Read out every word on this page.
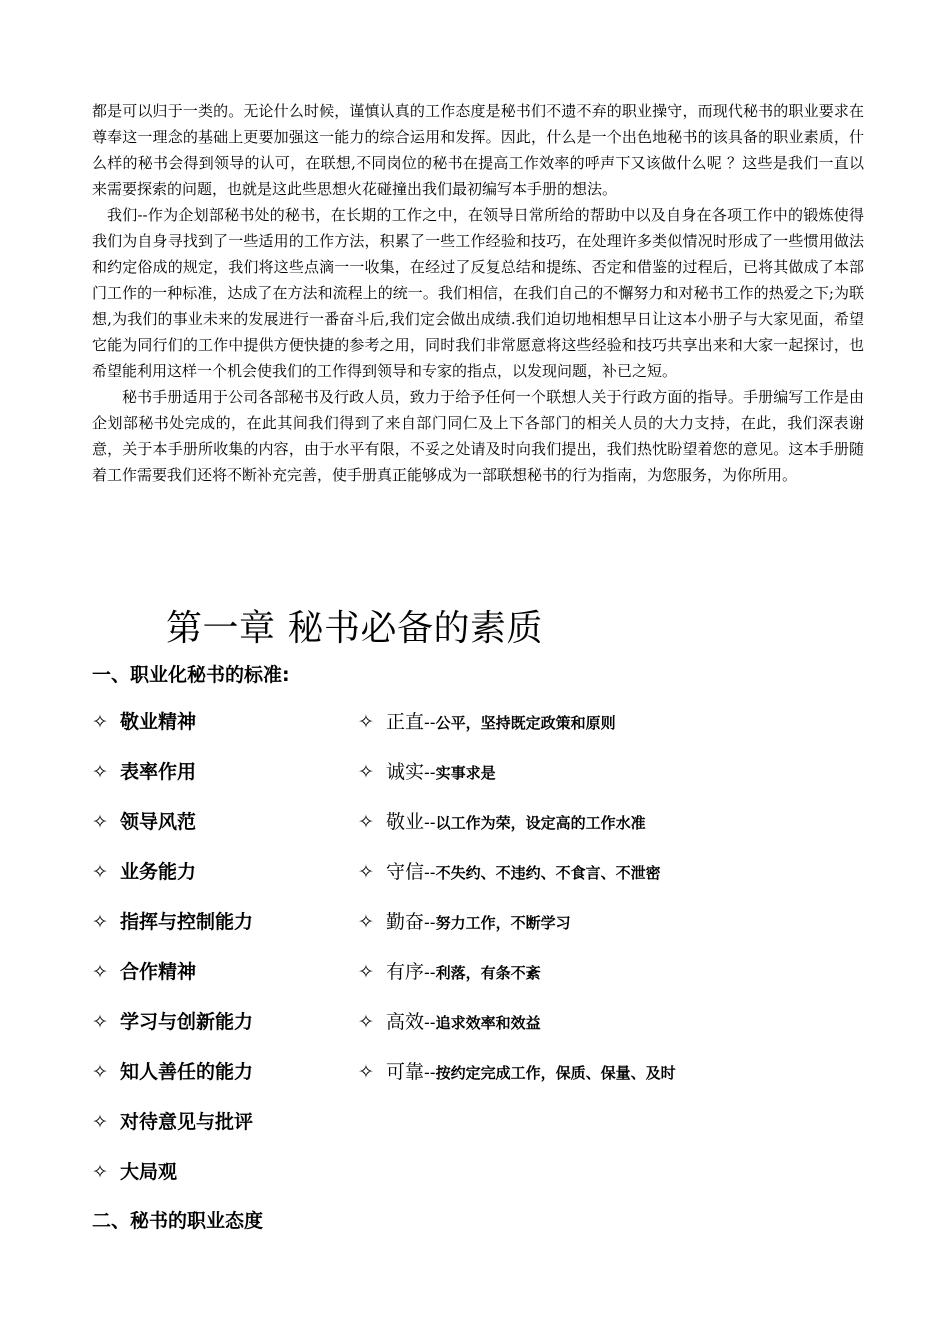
都是可以归于一类的。无论什么时候，谨慎认真的工作态度是秘书们不遗不弃的职业操守，而现代秘书的职业要求在尊奉这一理念的基础上更要加强这一能力的综合运用和发挥。因此，什么是一个出色地秘书的该具备的职业素质，什么样的秘书会得到领导的认可，在联想,不同岗位的秘书在提高工作效率的呼声下又该做什么呢 ？这些是我们一直以来需要探索的问题，也就是这此些思想火花碰撞出我们最初编写本手册的想法。

我们--作为企划部秘书处的秘书，在长期的工作之中，在领导日常所给的帮助中以及自身在各项工作中的锻炼使得我们为自身寻找到了一些适用的工作方法，积累了一些工作经验和技巧，在处理许多类似情况时形成了一些惯用做法和约定俗成的规定，我们将这些点滴一一收集，在经过了反复总结和提练、否定和借鉴的过程后，已将其做成了本部门工作的一种标准，达成了在方法和流程上的统一。我们相信，在我们自己的不懈努力和对秘书工作的热爱之下;为联想,为我们的事业未来的发展进行一番奋斗后,我们定会做出成绩.我们迫切地相想早日让这本小册子与大家见面，希望它能为同行们的工作中提供方便快捷的参考之用，同时我们非常愿意将这些经验和技巧共享出来和大家一起探讨，也希望能利用这样一个机会使我们的工作得到领导和专家的指点，以发现问题，补已之短。

秘书手册适用于公司各部秘书及行政人员，致力于给予任何一个联想人关于行政方面的指导。手册编写工作是由企划部秘书处完成的，在此其间我们得到了来自部门同仁及上下各部门的相关人员的大力支持，在此，我们深表谢意，关于本手册所收集的内容，由于水平有限，不妥之处请及时向我们提出，我们热忱盼望着您的意见。这本手册随着工作需要我们还将不断补充完善，使手册真正能够成为一部联想秘书的行为指南，为您服务，为你所用。

第一章 秘书必备的素质
一、职业化秘书的标准:
✧ 敬业精神
✧ 表率作用
✧ 领导风范
✧ 业务能力
✧ 指挥与控制能力
✧ 合作精神
✧ 学习与创新能力
✧ 知人善任的能力
✧ 对待意见与批评
✧ 大局观
✧ 正直--公平，坚持既定政策和原则
✧ 诚实--实事求是
✧ 敬业--以工作为荣，设定高的工作水准
✧ 守信--不失约、不违约、不食言、不泄密
✧ 勤奋--努力工作，不断学习
✧ 有序--利落，有条不紊
✧ 高效--追求效率和效益
✧ 可靠--按约定完成工作，保质、保量、及时
二、秘书的职业态度
